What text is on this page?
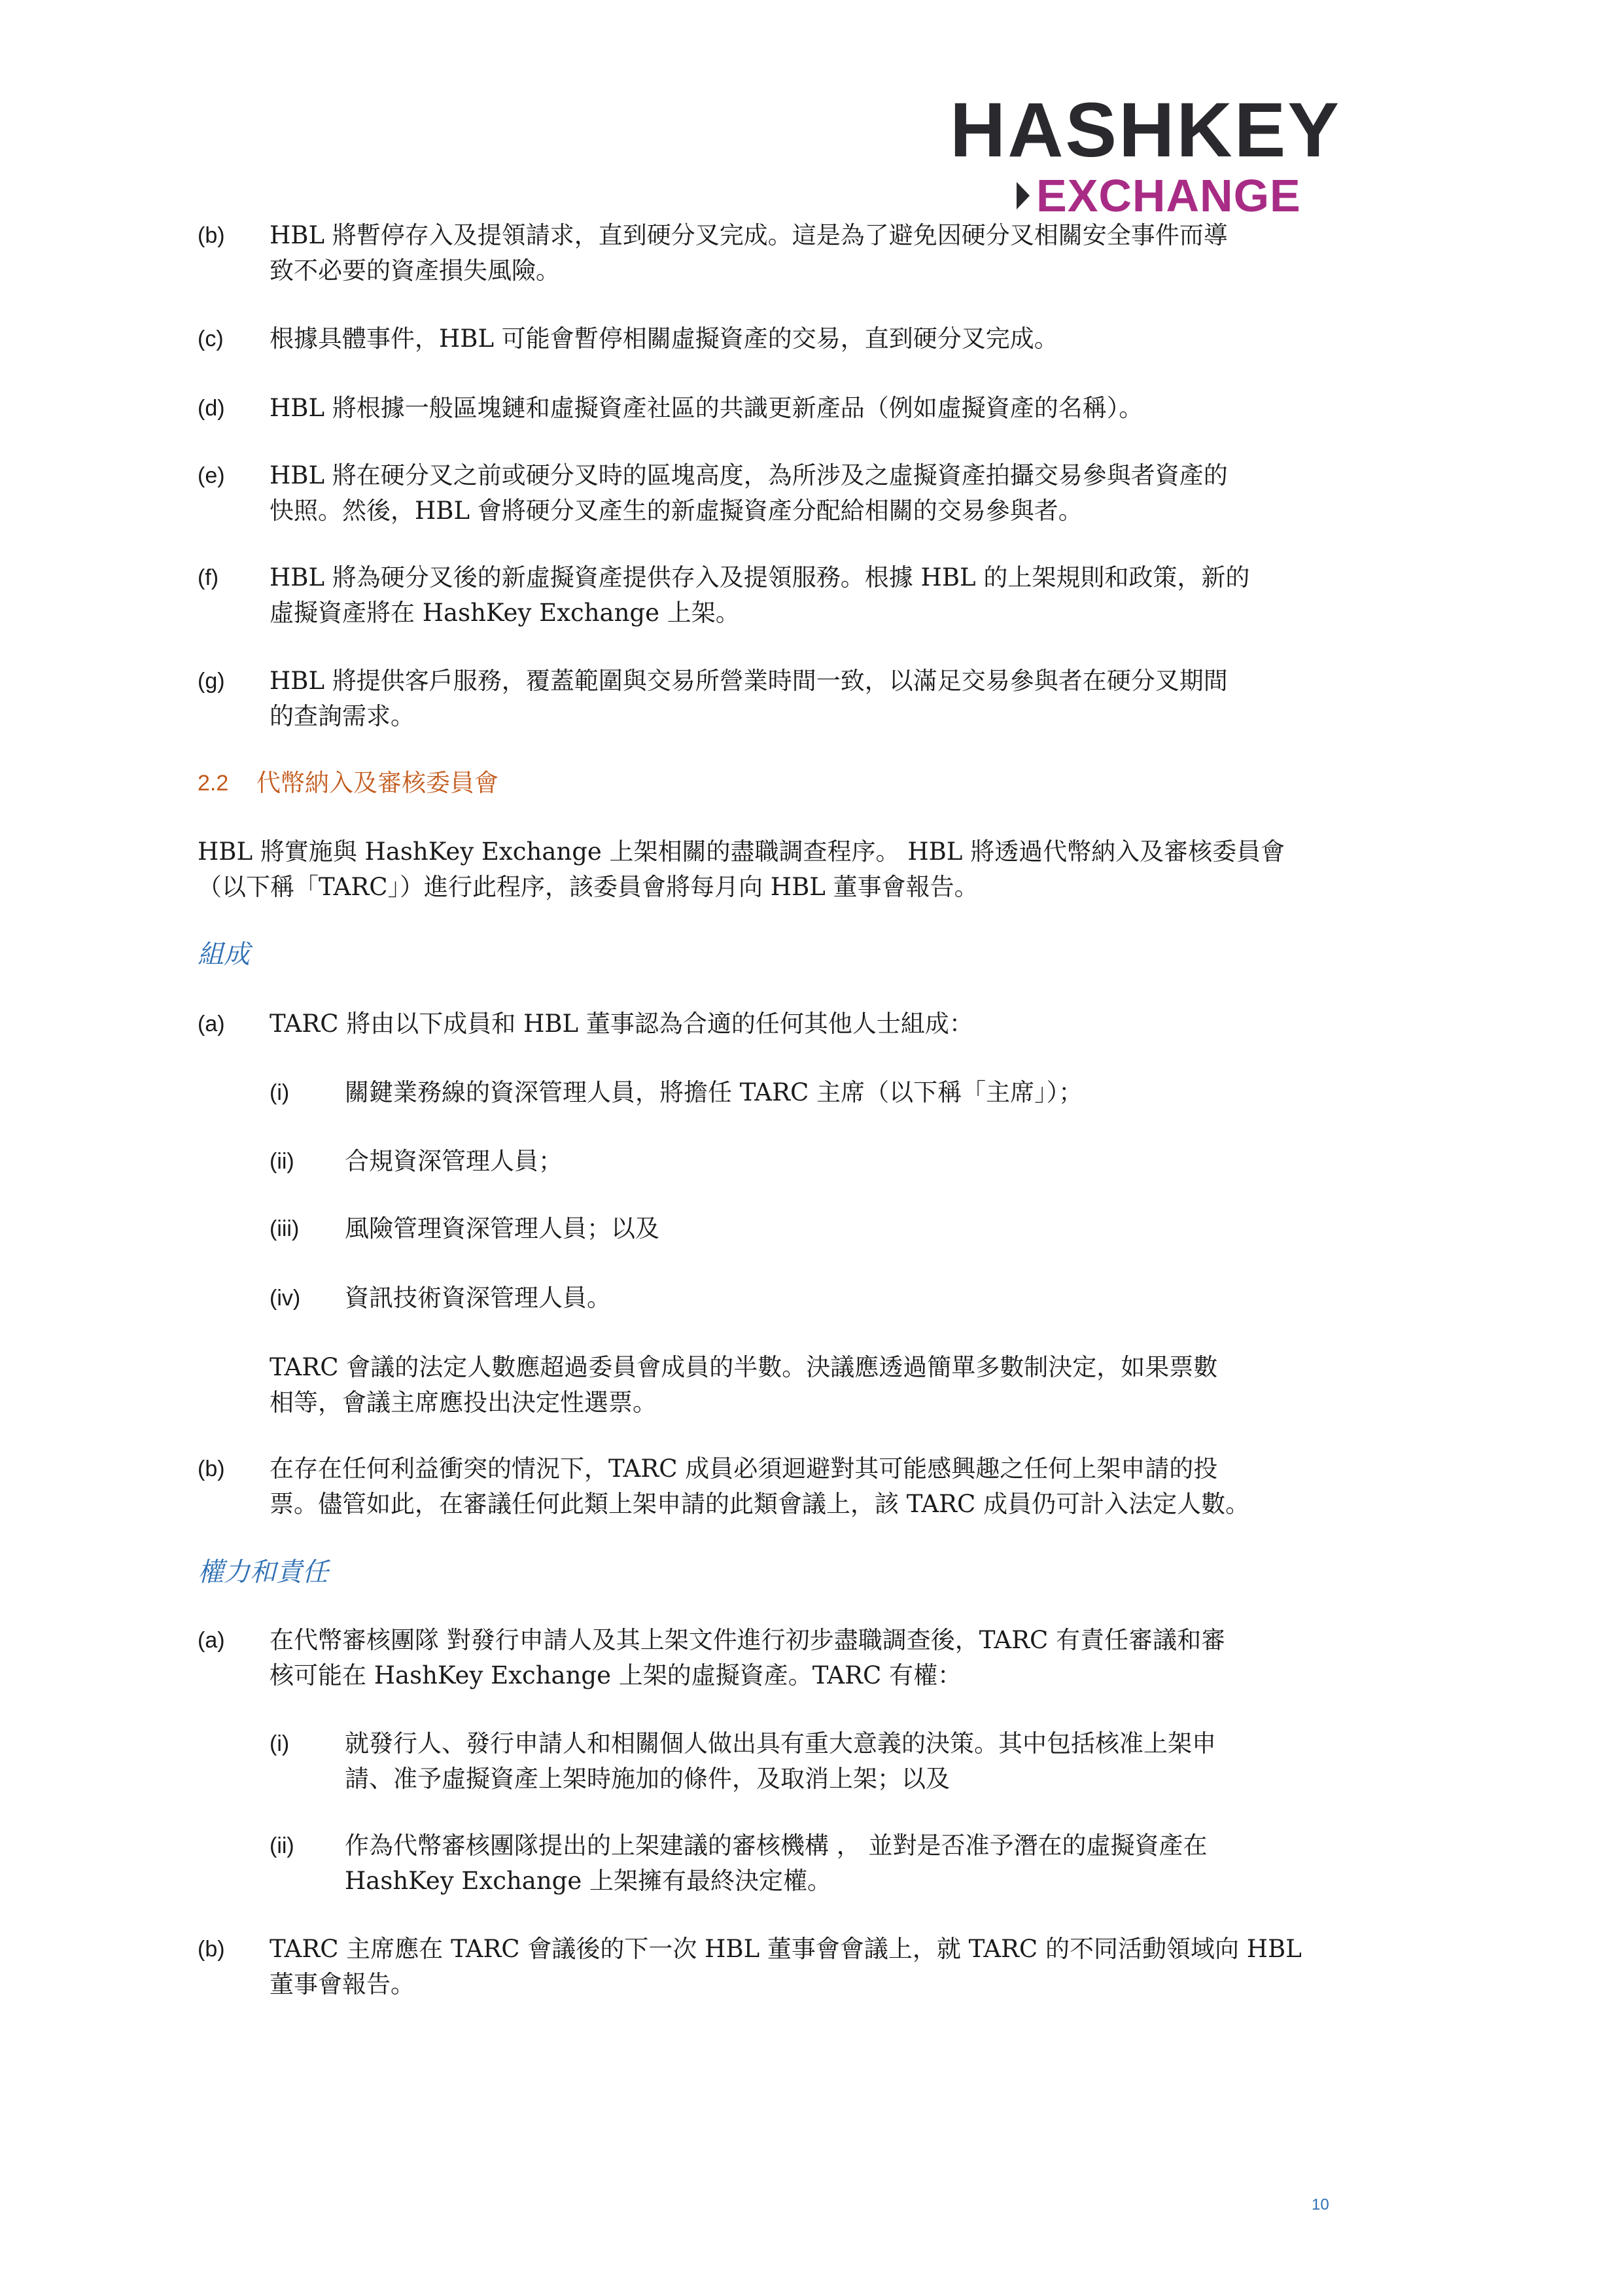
HASHKEY
EXCHANGE
(b) HBL 將暫停存入及提領請求，直到硬分叉完成。這是為了避免因硬分叉相關安全事件而導
致不必要的資產損失風險。
(c) 根據具體事件，HBL 可能會暫停相關虛擬資產的交易，直到硬分叉完成。
(d) HBL 將根據一般區塊鏈和虛擬資產社區的共識更新產品（例如虛擬資產的名稱）。
(e) HBL 將在硬分叉之前或硬分叉時的區塊高度，為所涉及之虛擬資產拍攝交易參與者資產的
快照。然後，HBL 會將硬分叉產生的新虛擬資產分配給相關的交易參與者。
(f) HBL 將為硬分叉後的新虛擬資產提供存入及提領服務。根據 HBL 的上架規則和政策，新的
虛擬資產將在 HashKey Exchange 上架。
(g) HBL 將提供客戶服務，覆蓋範圍與交易所營業時間一致，以滿足交易參與者在硬分叉期間
的查詢需求。
2.2 代幣納入及審核委員會
HBL 將實施與 HashKey Exchange 上架相關的盡職調查程序。 HBL 將透過代幣納入及審核委員會
（以下稱「TARC」）進行此程序，該委員會將每月向 HBL 董事會報告。
組成
(a) TARC 將由以下成員和 HBL 董事認為合適的任何其他人士組成：
(i) 關鍵業務線的資深管理人員，將擔任 TARC 主席（以下稱「主席」）；
(ii) 合規資深管理人員；
(iii) 風險管理資深管理人員；以及
(iv) 資訊技術資深管理人員。
TARC 會議的法定人數應超過委員會成員的半數。決議應透過簡單多數制決定，如果票數
相等，會議主席應投出決定性選票。
(b) 在存在任何利益衝突的情況下，TARC 成員必須迴避對其可能感興趣之任何上架申請的投
票。儘管如此，在審議任何此類上架申請的此類會議上，該 TARC 成員仍可計入法定人數。
權力和責任
(a) 在代幣審核團隊 對發行申請人及其上架文件進行初步盡職調查後，TARC 有責任審議和審
核可能在 HashKey Exchange 上架的虛擬資產。TARC 有權：
(i) 就發行人、發行申請人和相關個人做出具有重大意義的決策。其中包括核准上架申
請、准予虛擬資產上架時施加的條件，及取消上架；以及
(ii) 作為代幣審核團隊提出的上架建議的審核機構 ， 並對是否准予潛在的虛擬資產在
HashKey Exchange 上架擁有最終決定權。
(b) TARC 主席應在 TARC 會議後的下一次 HBL 董事會會議上，就 TARC 的不同活動領域向 HBL
董事會報告。
10
